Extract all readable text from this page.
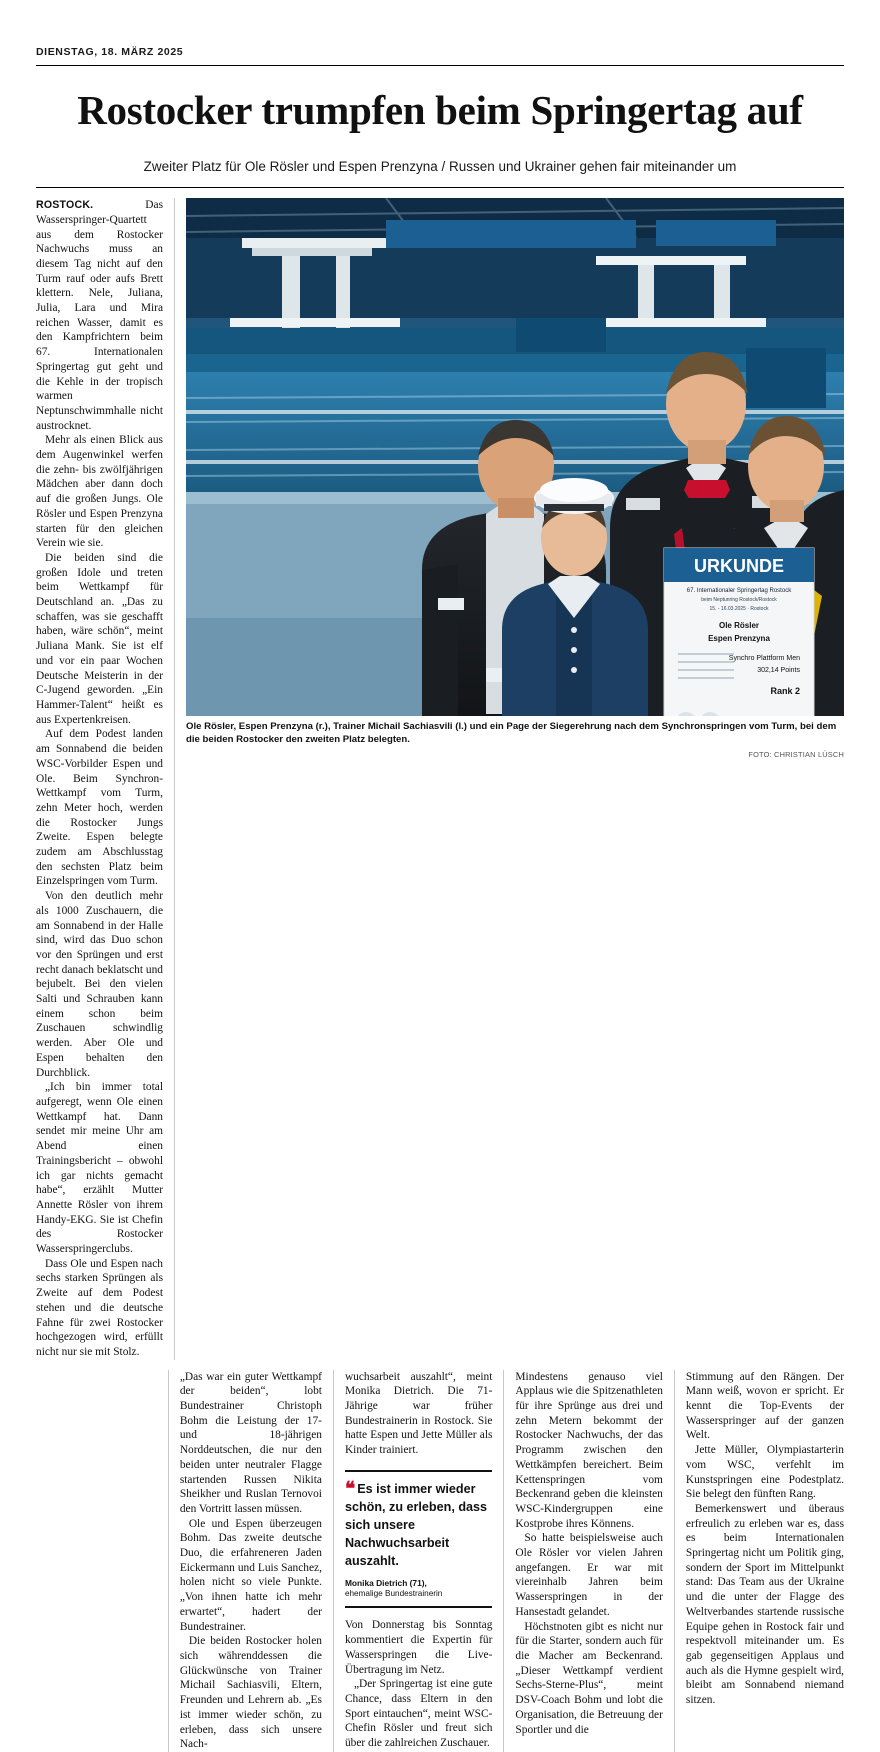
DIENSTAG, 18. MÄRZ 2025
Rostocker trumpfen beim Springertag auf
Zweiter Platz für Ole Rösler und Espen Prenzyna / Russen und Ukrainer gehen fair miteinander um

ROSTOCK. Das Wasserspringer-Quartett aus dem Rostocker Nachwuchs muss an diesem Tag nicht auf den Turm rauf oder aufs Brett klettern. Nele, Juliana, Julia, Lara und Mira reichen Wasser, damit es den Kampfrichtern beim 67. Internationalen Springertag gut geht und die Kehle in der tropisch warmen Neptunschwimmhalle nicht austrocknet.

Mehr als einen Blick aus dem Augenwinkel werfen die zehn- bis zwölfjährigen Mädchen aber dann doch auf die großen Jungs. Ole Rösler und Espen Prenzyna starten für den gleichen Verein wie sie.

Die beiden sind die großen Idole und treten beim Wettkampf für Deutschland an. „Das zu schaffen, was sie geschafft haben, wäre schön“, meint Juliana Mank. Sie ist elf und vor ein paar Wochen Deutsche Meisterin in der C-Jugend geworden. „Ein Hammer-Talent“ heißt es aus Expertenkreisen.

Auf dem Podest landen am Sonnabend die beiden WSC-Vorbilder Espen und Ole. Beim Synchron-Wettkampf vom Turm, zehn Meter hoch, werden die Rostocker Jungs Zweite. Espen belegte zudem am Abschlusstag den sechsten Platz beim Einzelspringen vom Turm.

Von den deutlich mehr als 1000 Zuschauern, die am Sonnabend in der Halle sind, wird das Duo schon vor den Sprüngen und erst recht danach beklatscht und bejubelt. Bei den vielen Salti und Schrauben kann einem schon beim Zuschauen schwindlig werden. Aber Ole und Espen behalten den Durchblick.

„Ich bin immer total aufgeregt, wenn Ole einen Wettkampf hat. Dann sendet mir meine Uhr am Abend einen Trainingsbericht – obwohl ich gar nichts gemacht habe“, erzählt Mutter Annette Rösler von ihrem Handy-EKG. Sie ist Chefin des Rostocker Wasserspringerclubs.

Dass Ole und Espen nach sechs starken Sprüngen als Zweite auf dem Podest stehen und die deutsche Fahne für zwei Rostocker hochgezogen wird, erfüllt nicht nur sie mit Stolz.

URKUNDE
67. Internationaler Springertag Rostock
beim Neptunring Rostock/Rostock
15. - 16.03.2025 · Rostock
Ole Rösler
Espen Prenzyna
Synchro Plattform Men
302,14 Points
Rank 2
Ole Rösler, Espen Prenzyna (r.), Trainer Michail Sachiasvili (l.) und ein Page der Siegerehrung nach dem Synchronspringen vom Turm, bei dem die beiden Rostocker den zweiten Platz belegten.
FOTO: CHRISTIAN LÜSCH

„Das war ein guter Wettkampf der beiden“, lobt Bundestrainer Christoph Bohm die Leistung der 17- und 18-jährigen Norddeutschen, die nur den beiden unter neutraler Flagge startenden Russen Nikita Sheikher und Ruslan Ternovoi den Vortritt lassen müssen.

Ole und Espen überzeugen Bohm. Das zweite deutsche Duo, die erfahreneren Jaden Eickermann und Luis Sanchez, holen nicht so viele Punkte. „Von ihnen hatte ich mehr erwartet“, hadert der Bundestrainer.

Die beiden Rostocker holen sich währenddessen die Glückwünsche von Trainer Michail Sachiasvili, Eltern, Freunden und Lehrern ab. „Es ist immer wieder schön, zu erleben, dass sich unsere Nach-

wuchsarbeit auszahlt“, meint Monika Dietrich. Die 71-Jährige war früher Bundestrainerin in Rostock. Sie hatte Espen und Jette Müller als Kinder trainiert.

❝ Es ist immer wieder schön, zu erleben, dass sich unsere Nachwuchsarbeit auszahlt.
Monika Dietrich (71),
ehemalige Bundestrainerin

Von Donnerstag bis Sonntag kommentiert die Expertin für Wasserspringen die Live-Übertragung im Netz.

„Der Springertag ist eine gute Chance, dass Eltern in den Sport eintauchen“, meint WSC-Chefin Rösler und freut sich über die zahlreichen Zuschauer.

Mindestens genauso viel Applaus wie die Spitzenathleten für ihre Sprünge aus drei und zehn Metern bekommt der Rostocker Nachwuchs, der das Programm zwischen den Wettkämpfen bereichert. Beim Kettenspringen vom Beckenrand geben die kleinsten WSC-Kindergruppen eine Kostprobe ihres Könnens.

So hatte beispielsweise auch Ole Rösler vor vielen Jahren angefangen. Er war mit viereinhalb Jahren beim Wasserspringen in der Hansestadt gelandet.

Höchstnoten gibt es nicht nur für die Starter, sondern auch für die Macher am Beckenrand. „Dieser Wettkampf verdient Sechs-Sterne-Plus“, meint DSV-Coach Bohm und lobt die Organisation, die Betreuung der Sportler und die

Stimmung auf den Rängen. Der Mann weiß, wovon er spricht. Er kennt die Top-Events der Wasserspringer auf der ganzen Welt.

Jette Müller, Olympiastarterin vom WSC, verfehlt im Kunstspringen eine Podestplatz. Sie belegt den fünften Rang.

Bemerkenswert und überaus erfreulich zu erleben war es, dass es beim Internationalen Springertag nicht um Politik ging, sondern der Sport im Mittelpunkt stand: Das Team aus der Ukraine und die unter der Flagge des Weltverbandes startende russische Equipe gehen in Rostock fair und respektvoll miteinander um. Es gab gegenseitigen Applaus und auch als die Hymne gespielt wird, bleibt am Sonnabend niemand sitzen.
